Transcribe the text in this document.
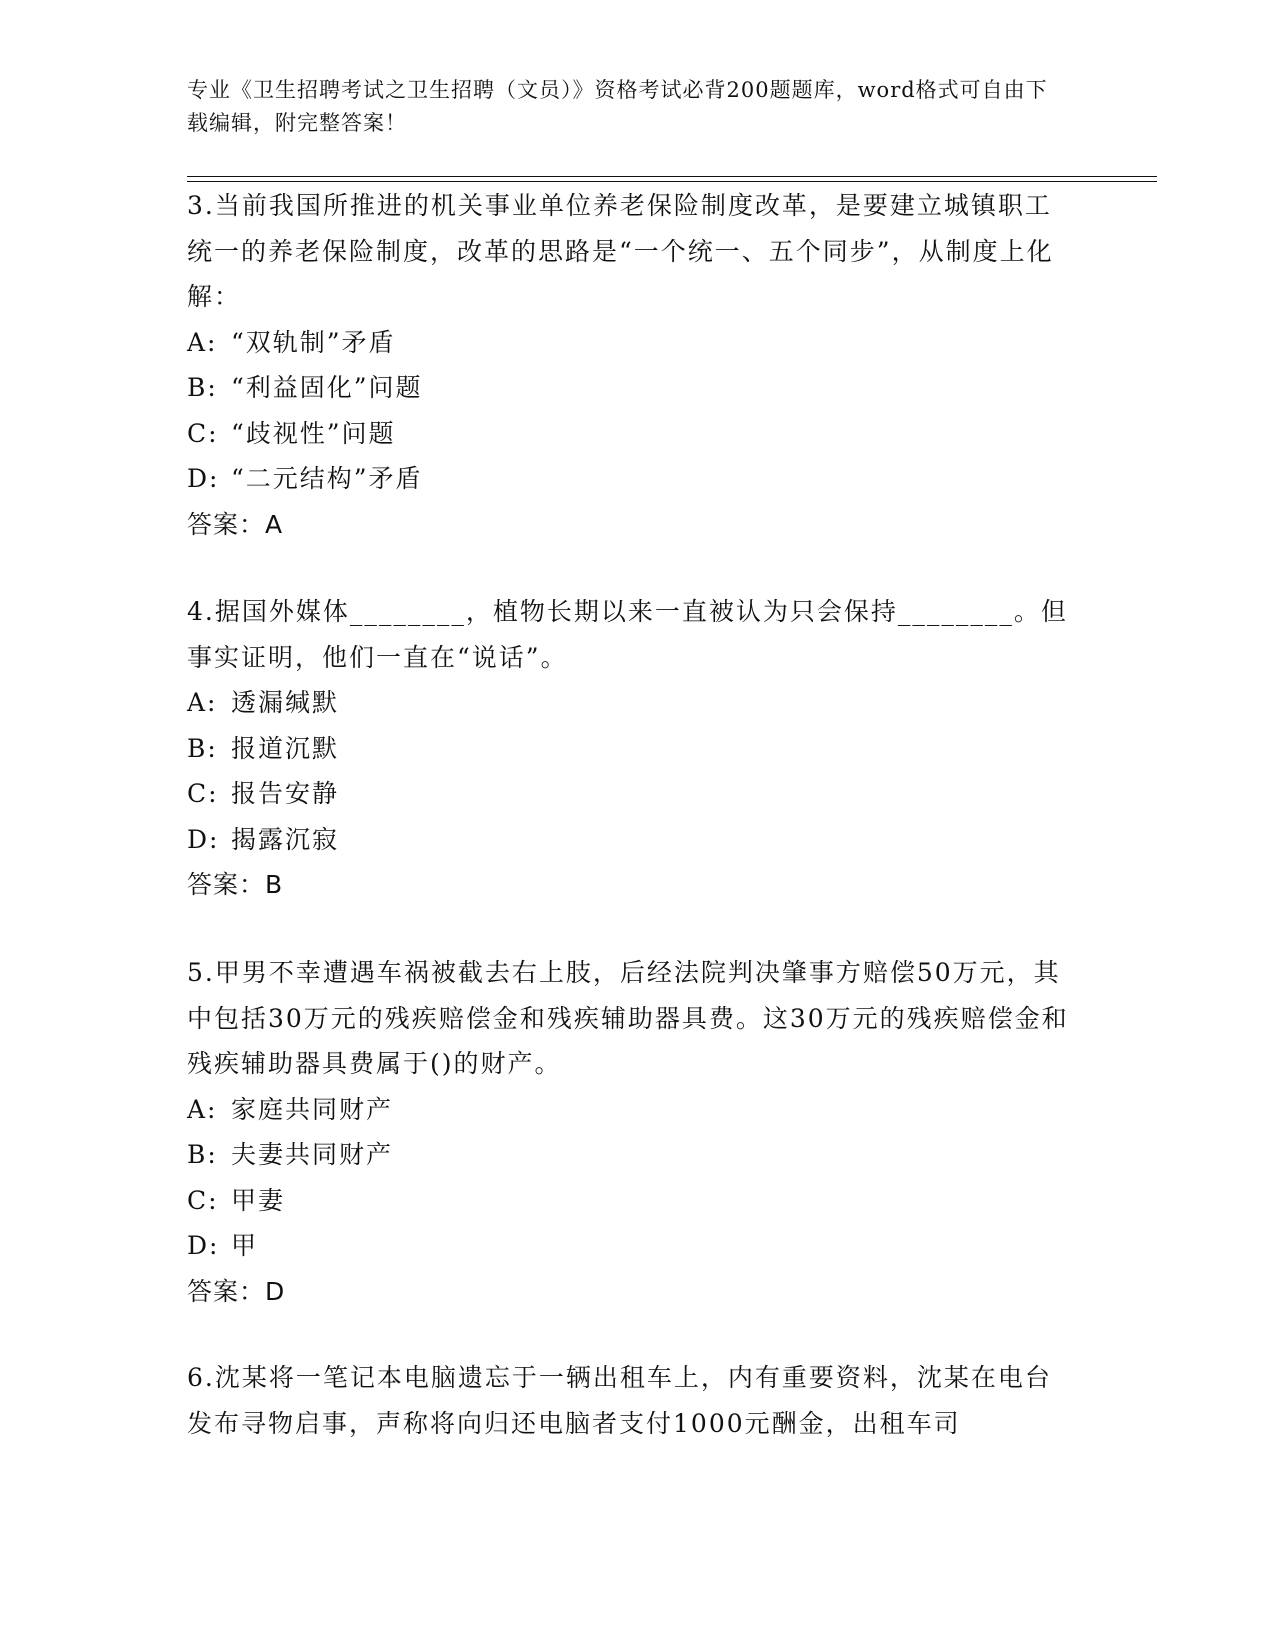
专业《卫生招聘考试之卫生招聘（文员）》资格考试必背200题题库，word格式可自由下载编辑，附完整答案！

3.当前我国所推进的机关事业单位养老保险制度改革，是要建立城镇职工统一的养老保险制度，改革的思路是“一个统一、五个同步”，从制度上化解：

A: “双轨制”矛盾
B: “利益固化”问题
C: “歧视性”问题
D: “二元结构”矛盾
答案：A

4.据国外媒体________，植物长期以来一直被认为只会保持________。但事实证明，他们一直在“说话”。

A: 透漏缄默
B: 报道沉默
C: 报告安静
D: 揭露沉寂
答案：B

5.甲男不幸遭遇车祸被截去右上肢，后经法院判决肇事方赔偿50万元，其中包括30万元的残疾赔偿金和残疾辅助器具费。这30万元的残疾赔偿金和残疾辅助器具费属于()的财产。

A: 家庭共同财产
B: 夫妻共同财产
C: 甲妻
D: 甲
答案：D

6.沈某将一笔记本电脑遗忘于一辆出租车上，内有重要资料，沈某在电台发布寻物启事，声称将向归还电脑者支付1000元酬金，出租车司
